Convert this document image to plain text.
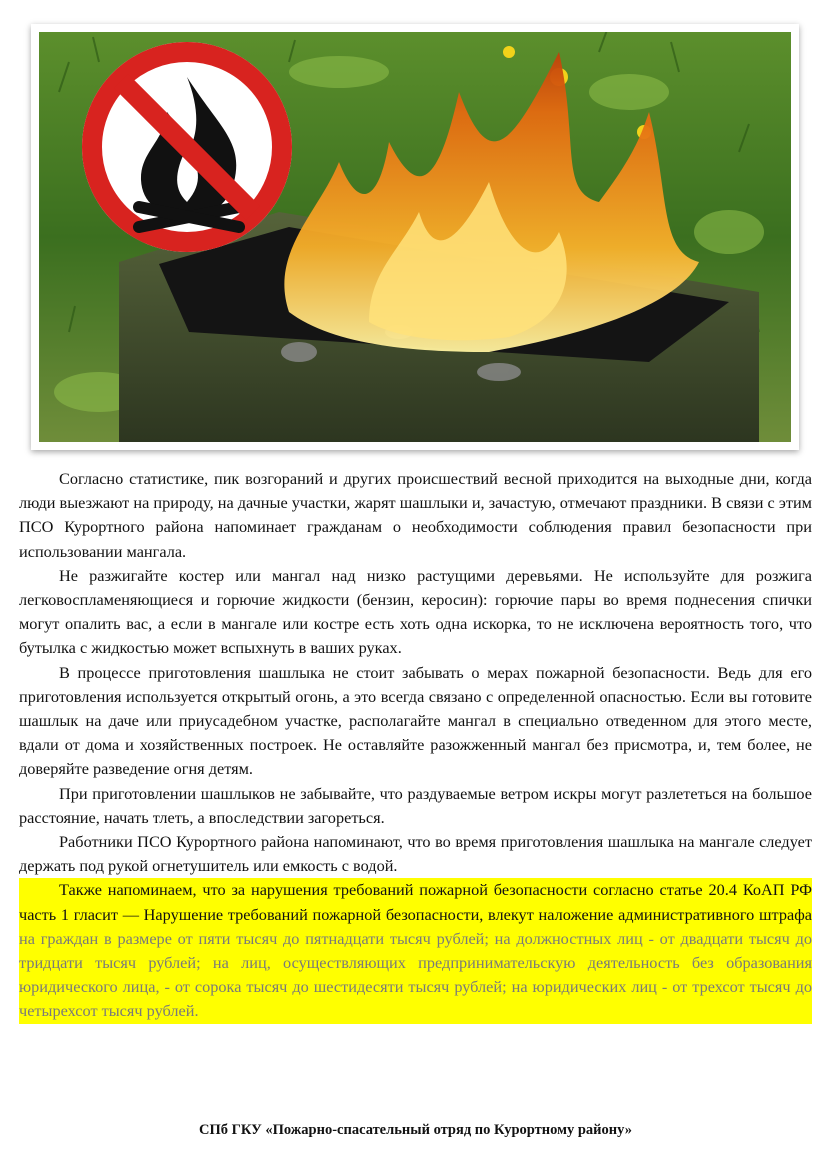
Согласно статистике, пик возгораний и других происшествий весной приходится на выходные дни, когда люди выезжают на природу, на дачные участки, жарят шашлыки и, зачастую, отмечают праздники. В связи с этим ПСО Курортного района напоминает гражданам о необходимости соблюдения правил безопасности при использовании мангала.

Не разжигайте костер или мангал над низко растущими деревьями. Не используйте для розжига легковоспламеняющиеся и горючие жидкости (бензин, керосин): горючие пары во время поднесения спички могут опалить вас, а если в мангале или костре есть хоть одна искорка, то не исключена вероятность того, что бутылка с жидкостью может вспыхнуть в ваших руках.

В процессе приготовления шашлыка не стоит забывать о мерах пожарной безопасности. Ведь для его приготовления используется открытый огонь, а это всегда связано с определенной опасностью. Если вы готовите шашлык на даче или приусадебном участке, располагайте мангал в специально отведенном для этого месте, вдали от дома и хозяйственных построек. Не оставляйте разожженный мангал без присмотра, и, тем более, не доверяйте разведение огня детям.

При приготовлении шашлыков не забывайте, что раздуваемые ветром искры могут разлететься на большое расстояние, начать тлеть, а впоследствии загореться.

Работники ПСО Курортного района напоминают, что во время приготовления шашлыка на мангале следует держать под рукой огнетушитель или емкость с водой.

Также напоминаем, что за нарушения требований пожарной безопасности согласно статье 20.4 КоАП РФ часть 1 гласит — Нарушение требований пожарной безопасности, влекут наложение административного штрафа на граждан в размере от пяти тысяч до пятнадцати тысяч рублей; на должностных лиц - от двадцати тысяч до тридцати тысяч рублей; на лиц, осуществляющих предпринимательскую деятельность без образования юридического лица, - от сорока тысяч до шестидесяти тысяч рублей; на юридических лиц - от трехсот тысяч до четырехсот тысяч рублей.

СПб ГКУ «Пожарно-спасательный отряд по Курортному району»
